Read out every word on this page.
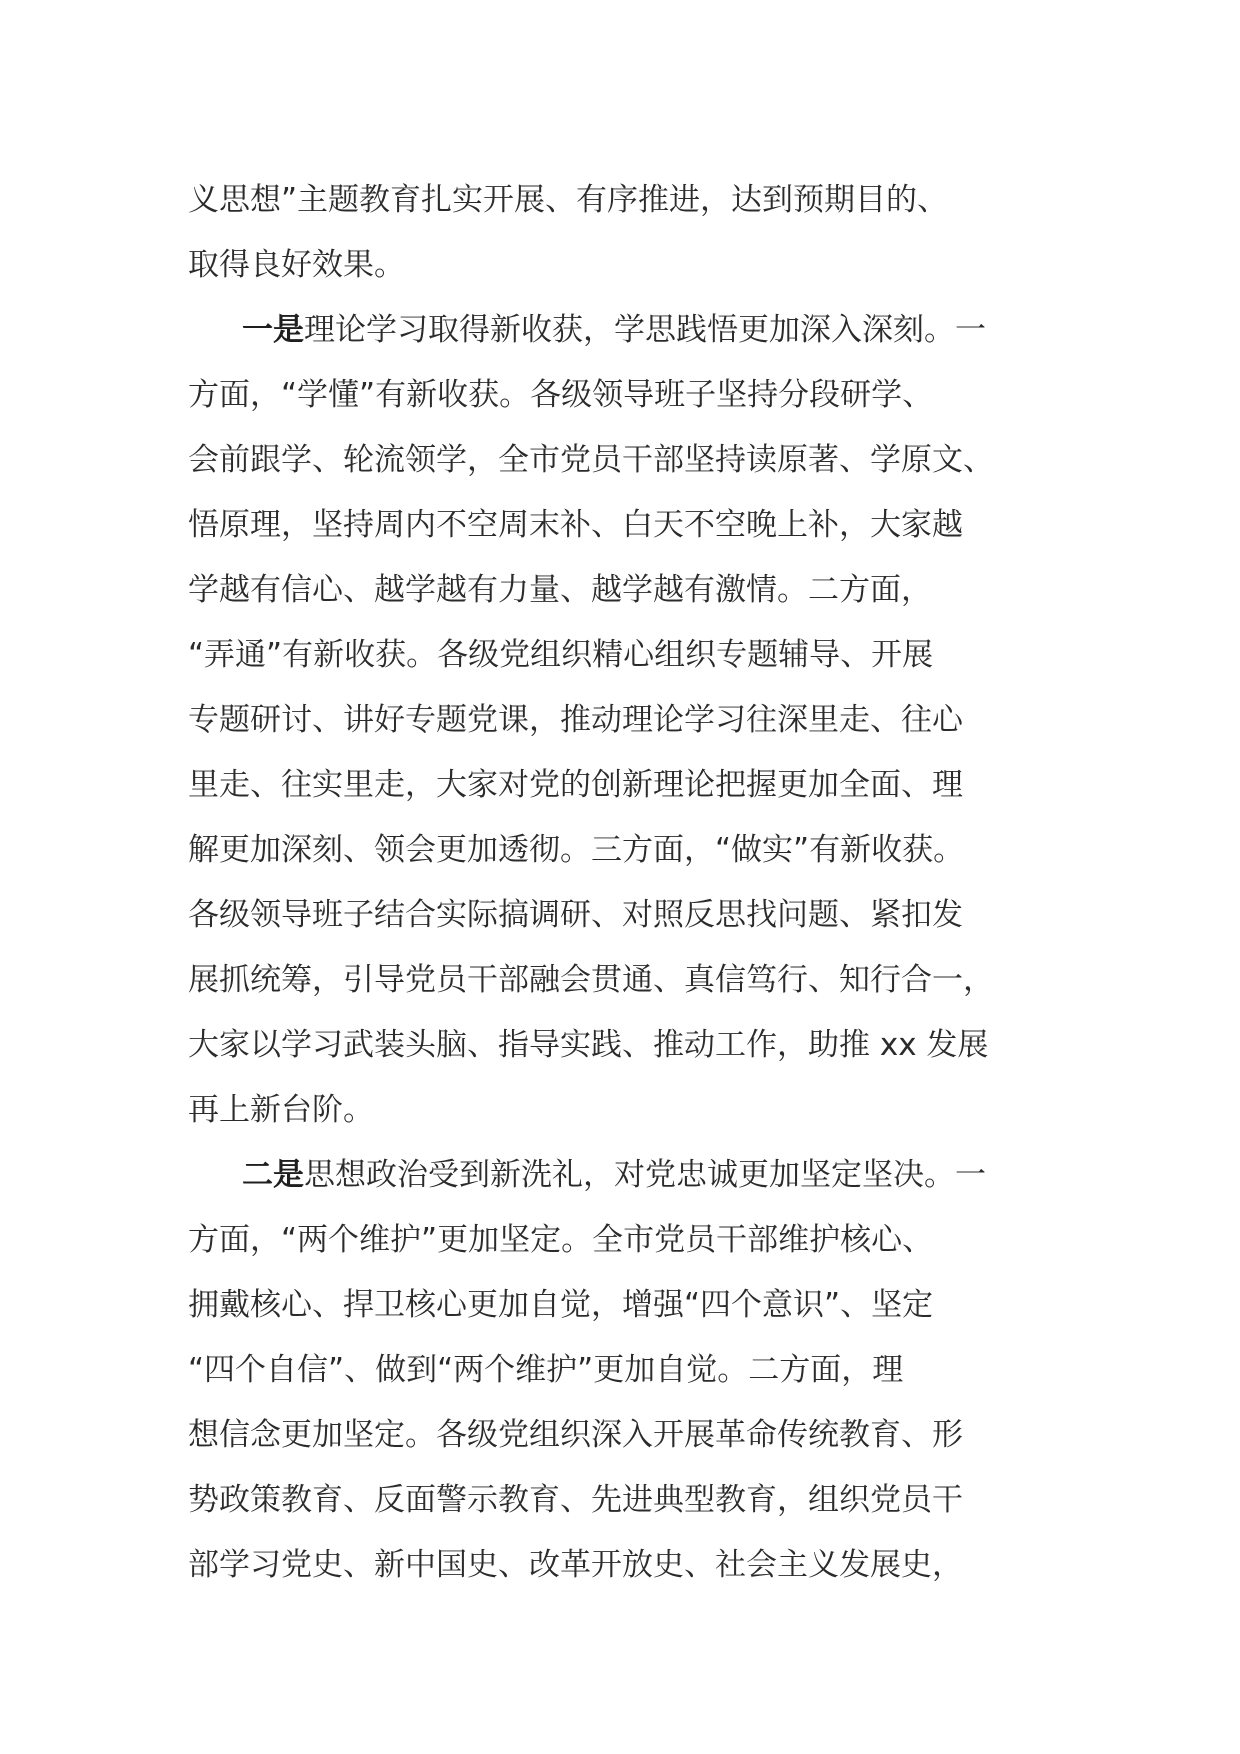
义思想”主题教育扎实开展、有序推进，达到预期目的、
取得良好效果。
一是理论学习取得新收获，学思践悟更加深入深刻。一
方面，“学懂”有新收获。各级领导班子坚持分段研学、
会前跟学、轮流领学，全市党员干部坚持读原著、学原文、
悟原理，坚持周内不空周末补、白天不空晚上补，大家越
学越有信心、越学越有力量、越学越有激情。二方面，
“弄通”有新收获。各级党组织精心组织专题辅导、开展
专题研讨、讲好专题党课，推动理论学习往深里走、往心
里走、往实里走，大家对党的创新理论把握更加全面、理
解更加深刻、领会更加透彻。三方面，“做实”有新收获。
各级领导班子结合实际搞调研、对照反思找问题、紧扣发
展抓统筹，引导党员干部融会贯通、真信笃行、知行合一，
大家以学习武装头脑、指导实践、推动工作，助推 xx 发展
再上新台阶。
二是思想政治受到新洗礼，对党忠诚更加坚定坚决。一
方面，“两个维护”更加坚定。全市党员干部维护核心、
拥戴核心、捍卫核心更加自觉，增强“四个意识”、坚定
“四个自信”、做到“两个维护”更加自觉。二方面，理
想信念更加坚定。各级党组织深入开展革命传统教育、形
势政策教育、反面警示教育、先进典型教育，组织党员干
部学习党史、新中国史、改革开放史、社会主义发展史，
